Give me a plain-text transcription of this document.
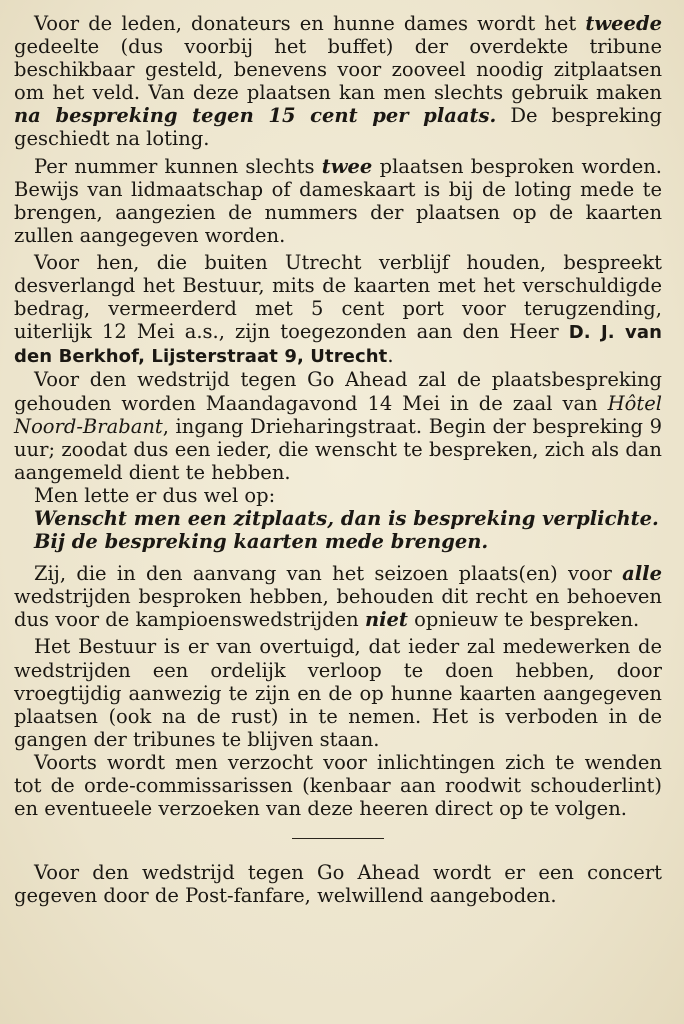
Voor de leden, donateurs en hunne dames wordt het tweede gedeelte (dus voorbij het buffet) der overdekte tribune beschikbaar gesteld, benevens voor zooveel noodig zitplaatsen om het veld. Van deze plaatsen kan men slechts gebruik maken na bespreking tegen 15 cent per plaats. De bespreking geschiedt na loting.

Per nummer kunnen slechts twee plaatsen besproken worden. Bewijs van lidmaatschap of dameskaart is bij de loting mede te brengen, aangezien de nummers der plaatsen op de kaarten zullen aangegeven worden.

Voor hen, die buiten Utrecht verblijf houden, bespreekt desverlangd het Bestuur, mits de kaarten met het verschuldigde bedrag, vermeerderd met 5 cent port voor terugzending, uiterlijk 12 Mei a.s., zijn toegezonden aan den Heer D. J. van den Berkhof, Lijsterstraat 9, Utrecht.

Voor den wedstrijd tegen Go Ahead zal de plaatsbespreking gehouden worden Maandagavond 14 Mei in de zaal van Hôtel Noord-Brabant, ingang Drieharingstraat. Begin der bespreking 9 uur; zoodat dus een ieder, die wenscht te bespreken, zich als dan aangemeld dient te hebben.

Men lette er dus wel op:

Wenscht men een zitplaats, dan is bespreking verplichte.
Bij de bespreking kaarten mede brengen.

Zij, die in den aanvang van het seizoen plaats(en) voor alle wedstrijden besproken hebben, behouden dit recht en behoeven dus voor de kampioenswedstrijden niet opnieuw te bespreken.

Het Bestuur is er van overtuigd, dat ieder zal medewerken de wedstrijden een ordelijk verloop te doen hebben, door vroegtijdig aanwezig te zijn en de op hunne kaarten aangegeven plaatsen (ook na de rust) in te nemen. Het is verboden in de gangen der tribunes te blijven staan.

Voorts wordt men verzocht voor inlichtingen zich te wenden tot de orde-commissarissen (kenbaar aan roodwit schouderlint) en eventueele verzoeken van deze heeren direct op te volgen.

Voor den wedstrijd tegen Go Ahead wordt er een concert gegeven door de Post-fanfare, welwillend aangeboden.
